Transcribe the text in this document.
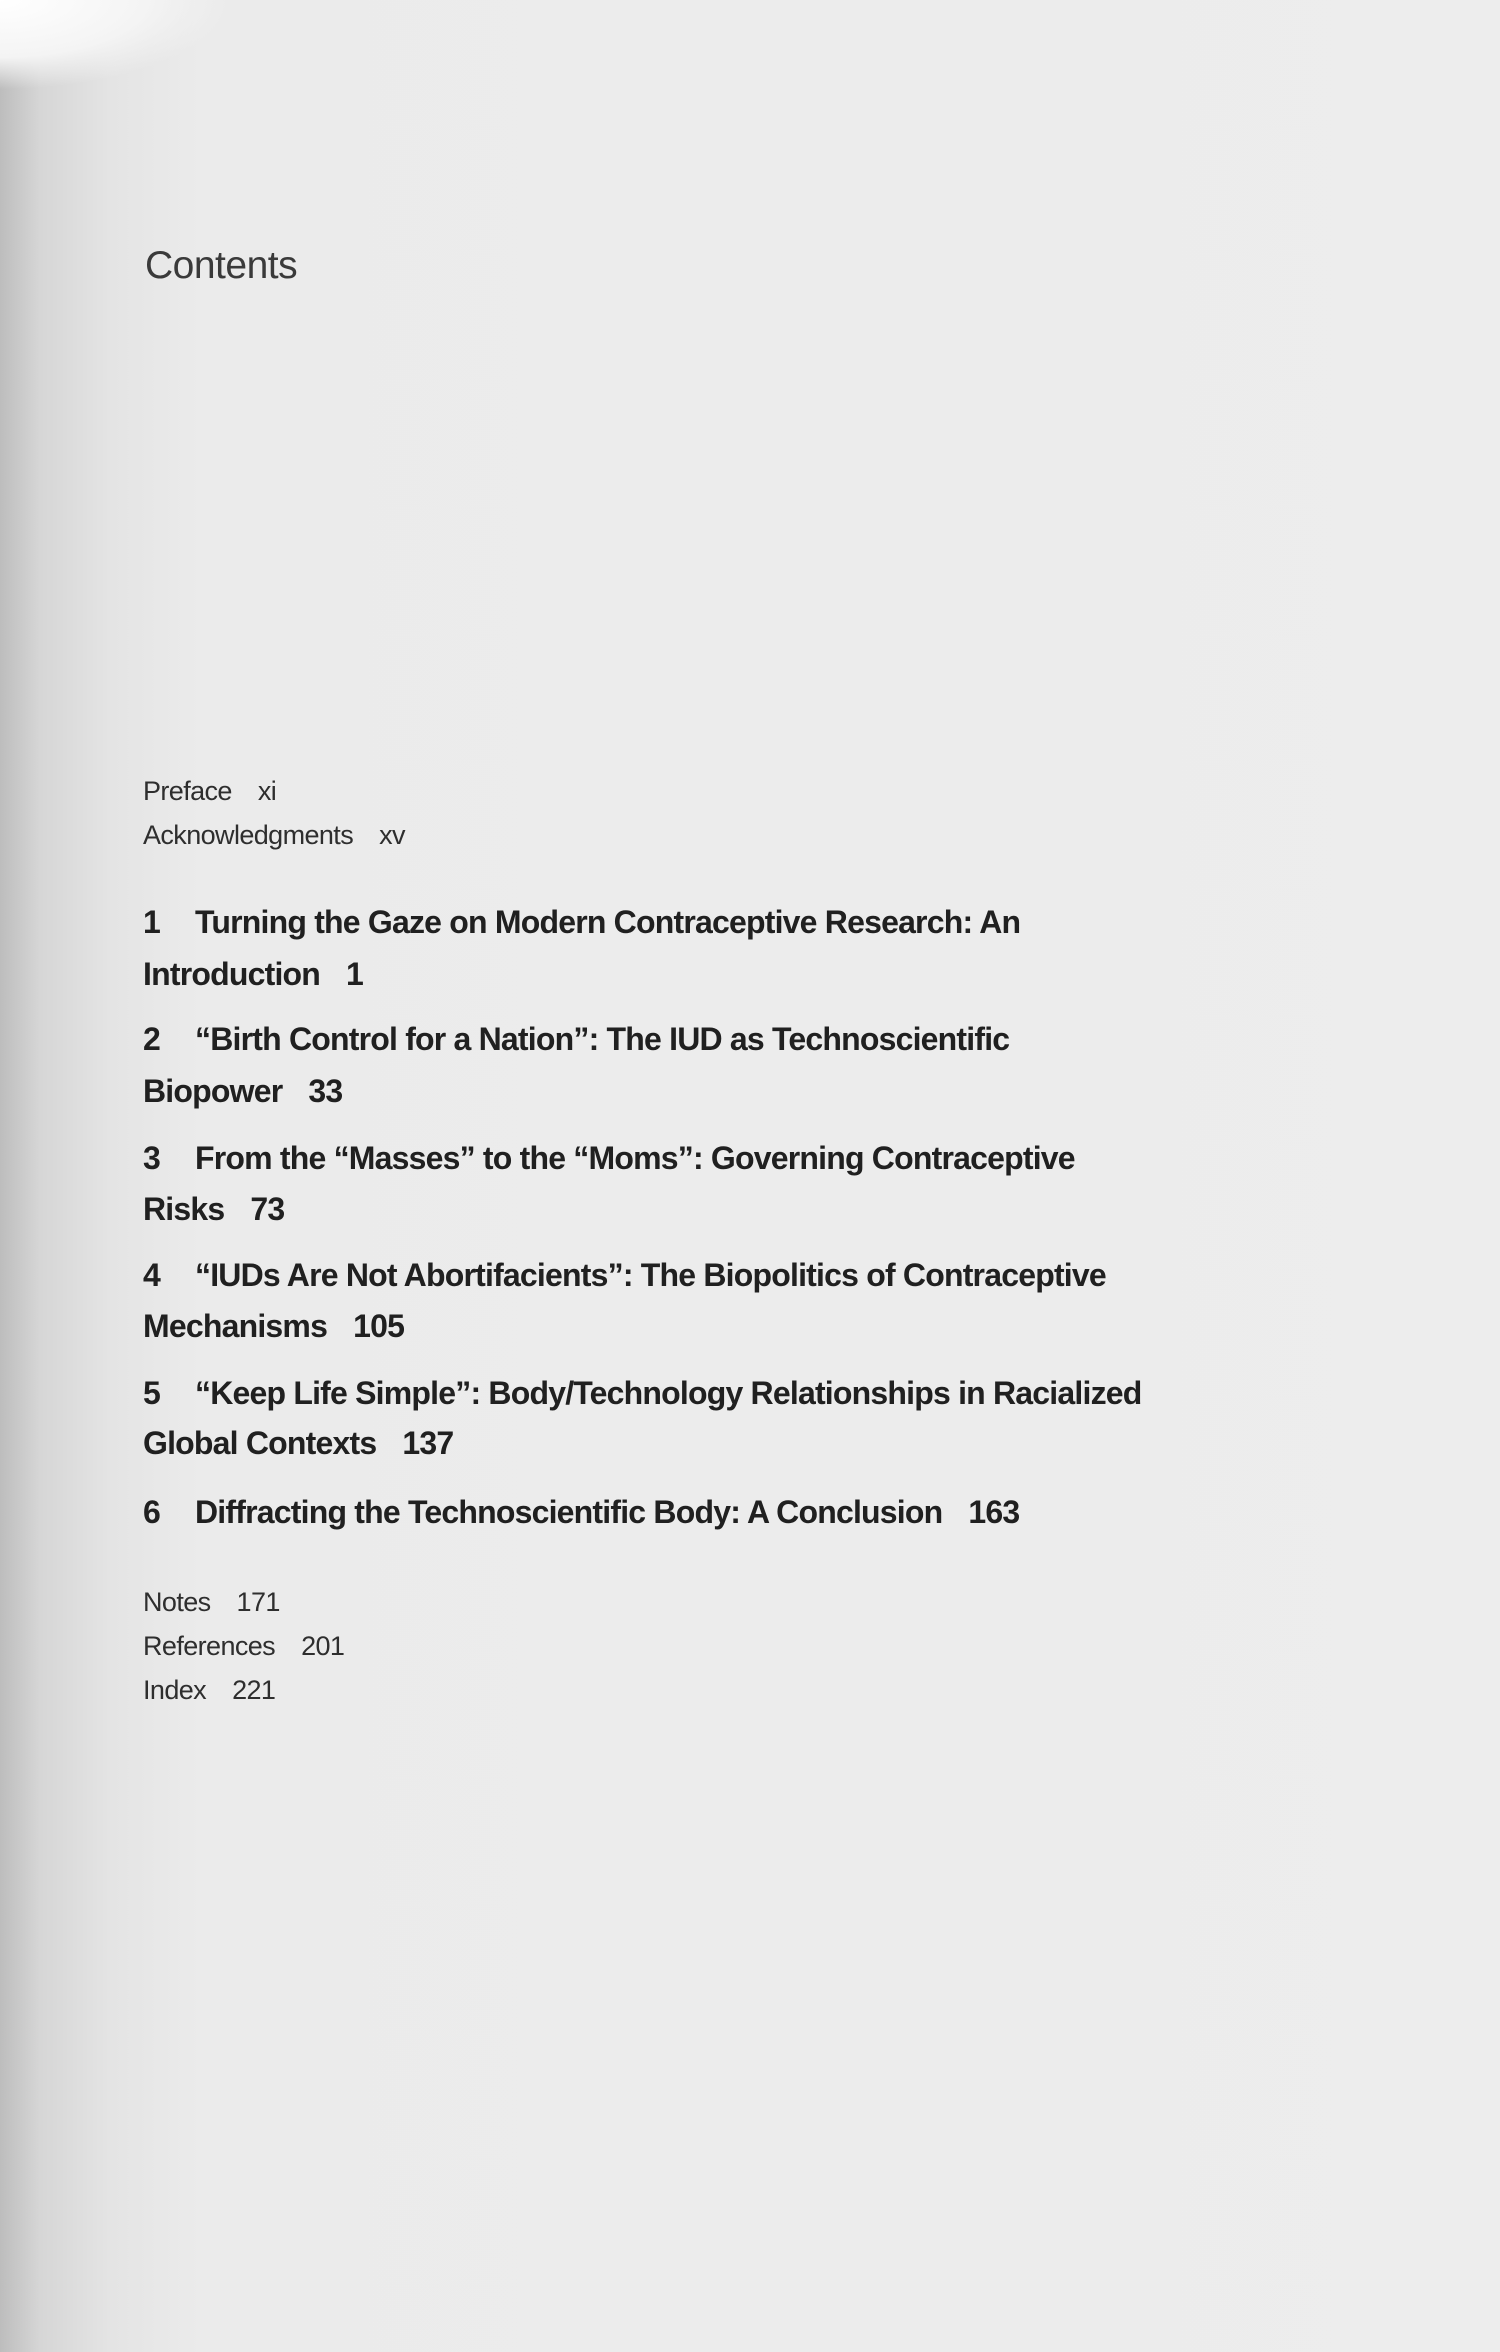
Contents
Preface xi
Acknowledgments xv
1 Turning the Gaze on Modern Contraceptive Research: An
Introduction 1
2 “Birth Control for a Nation”: The IUD as Technoscientific
Biopower 33
3 From the “Masses” to the “Moms”: Governing Contraceptive
Risks 73
4 “IUDs Are Not Abortifacients”: The Biopolitics of Contraceptive
Mechanisms 105
5 “Keep Life Simple”: Body/Technology Relationships in Racialized
Global Contexts 137
6 Diffracting the Technoscientific Body: A Conclusion 163
Notes 171
References 201
Index 221
